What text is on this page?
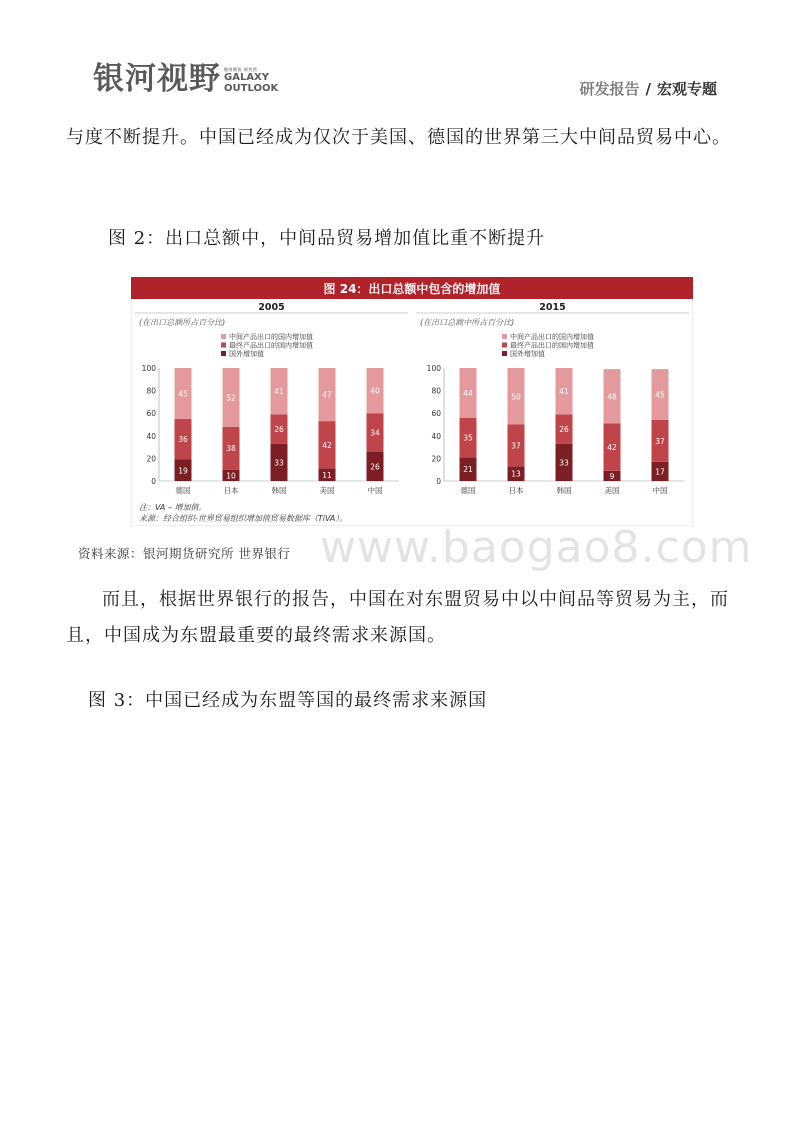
银河视野 银河期货 研究所
GALAXY
OUTLOOK	研发报告 / 宏观专题
与度不断提升。中国已经成为仅次于美国、德国的世界第三大中间品贸易中心。
图 2：出口总额中，中间品贸易增加值比重不断提升
图 24：出口总额中包含的增加值
注：VA – 增加值。
来源：经合组织-世界贸易组织增加值贸易数据库（TiVA）。
2005
(在出口总额所占百分比)
中间产品出口的国内增加值
最终产品出口的国内增加值
国外增加值
0
20
40
60
80
100
19
36
45
德国
10
38
52
日本
33
26
41
韩国
11
42
47
美国
26
34
40
中国
2015
(在出口总额中所占百分比)
中间产品出口的国内增加值
最终产品出口的国内增加值
国外增加值
0
20
40
60
80
100
21
35
44
德国
13
37
50
日本
33
26
41
韩国
9
42
48
美国
17
37
45
中国
资料来源：银河期货研究所 世界银行 www.baogao8.com
而且，根据世界银行的报告，中国在对东盟贸易中以中间品等贸易为主，而且，中国成为东盟最重要的最终需求来源国。
图 3：中国已经成为东盟等国的最终需求来源国
